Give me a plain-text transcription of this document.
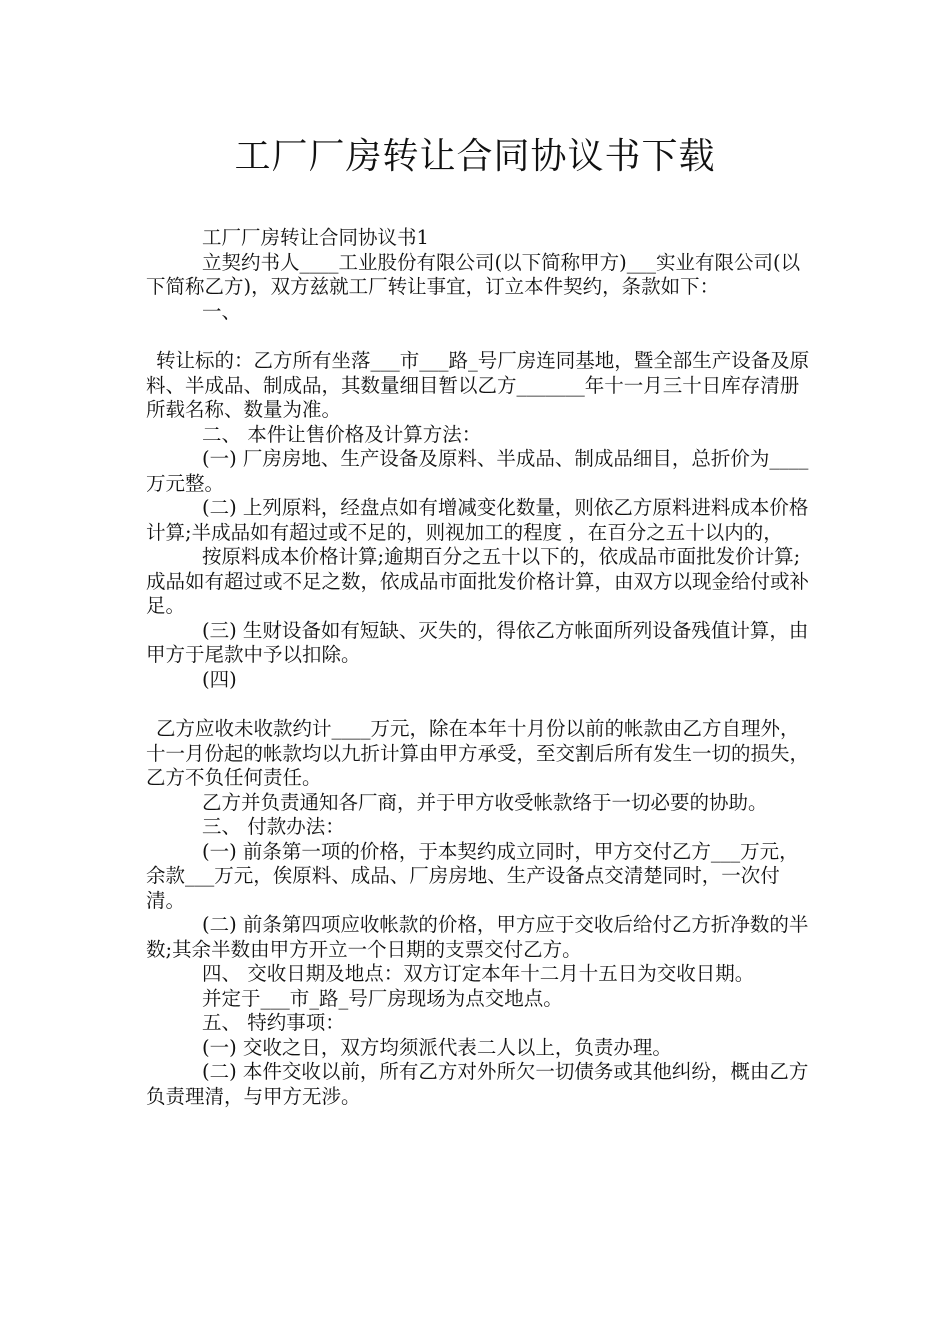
工厂厂房转让合同协议书下载

工厂厂房转让合同协议书1

立契约书人____工业股份有限公司(以下简称甲方)___实业有限公司(以下简称乙方)，双方兹就工厂转让事宜，订立本件契约，条款如下：

一、

转让标的：乙方所有坐落___市___路_号厂房连同基地，暨全部生产设备及原料、半成品、制成品，其数量细目暂以乙方_______年十一月三十日库存清册所载名称、数量为准。

二、 本件让售价格及计算方法：

(一) 厂房房地、生产设备及原料、半成品、制成品细目，总折价为____万元整。

(二) 上列原料，经盘点如有增减变化数量，则依乙方原料进料成本价格计算;半成品如有超过或不足的，则视加工的程度 ，在百分之五十以内的，

按原料成本价格计算;逾期百分之五十以下的，依成品市面批发价计算;成品如有超过或不足之数，依成品市面批发价格计算，由双方以现金给付或补足。

(三) 生财设备如有短缺、灭失的，得依乙方帐面所列设备残值计算，由甲方于尾款中予以扣除。

(四)

乙方应收未收款约计____万元，除在本年十月份以前的帐款由乙方自理外，十一月份起的帐款均以九折计算由甲方承受，至交割后所有发生一切的损失，乙方不负任何责任。

乙方并负责通知各厂商，并于甲方收受帐款络于一切必要的协助。

三、 付款办法：

(一) 前条第一项的价格，于本契约成立同时，甲方交付乙方___万元，余款___万元，俟原料、成品、厂房房地、生产设备点交清楚同时，一次付清。

(二) 前条第四项应收帐款的价格，甲方应于交收后给付乙方折净数的半数;其余半数由甲方开立一个日期的支票交付乙方。

四、 交收日期及地点：双方订定本年十二月十五日为交收日期。

并定于___市_路_号厂房现场为点交地点。

五、 特约事项：

(一) 交收之日，双方均须派代表二人以上，负责办理。

(二) 本件交收以前，所有乙方对外所欠一切债务或其他纠纷，概由乙方负责理清，与甲方无涉。
